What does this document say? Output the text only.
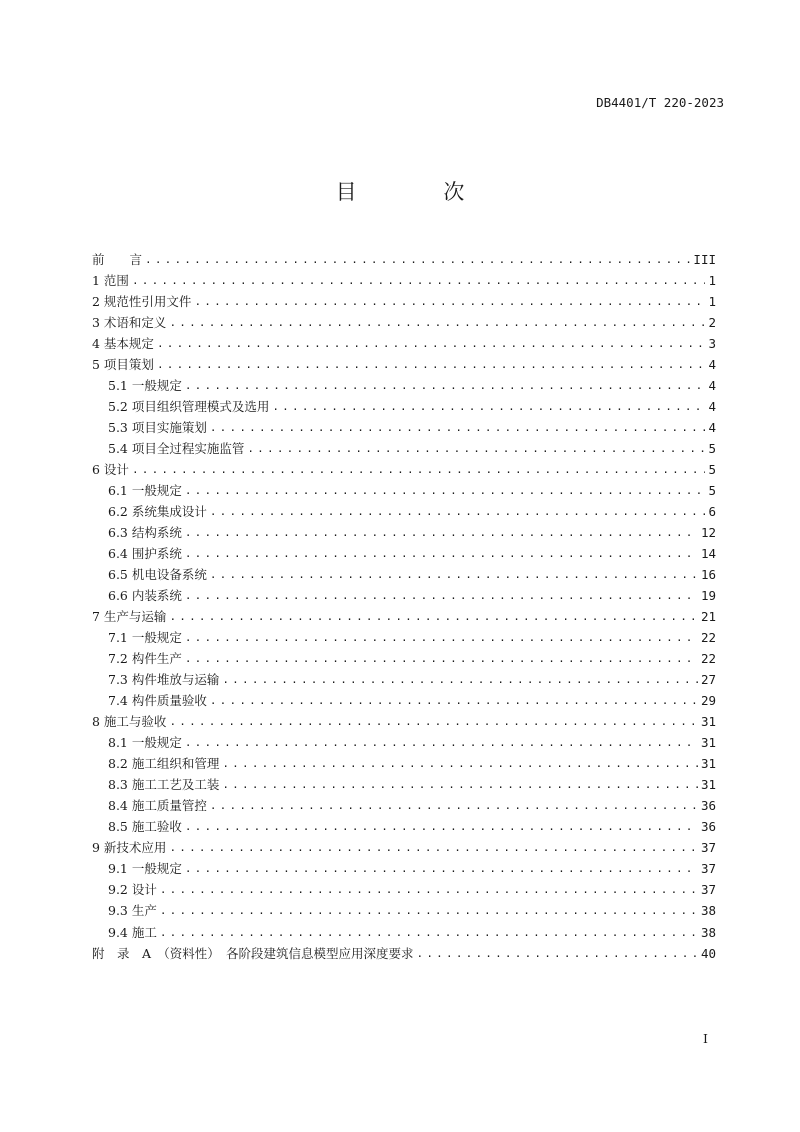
DB4401/T 220-2023
目 次
前　　言 .....	III
1 范围 .....	1
2 规范性引用文件 .....	1
3 术语和定义 .....	2
4 基本规定 .....	3
5 项目策划 .....	4
5.1 一般规定 .....	4
5.2 项目组织管理模式及选用 .....	4
5.3 项目实施策划 .....	4
5.4 项目全过程实施监管 .....	5
6 设计 .....	5
6.1 一般规定 .....	5
6.2 系统集成设计 .....	6
6.3 结构系统 .....	12
6.4 围护系统 .....	14
6.5 机电设备系统 .....	16
6.6 内装系统 .....	19
7 生产与运输 .....	21
7.1 一般规定 .....	22
7.2 构件生产 .....	22
7.3 构件堆放与运输 .....	27
7.4 构件质量验收 .....	29
8 施工与验收 .....	31
8.1 一般规定 .....	31
8.2 施工组织和管理 .....	31
8.3 施工工艺及工装 .....	31
8.4 施工质量管控 .....	36
8.5 施工验收 .....	36
9 新技术应用 .....	37
9.1 一般规定 .....	37
9.2 设计 .....	37
9.3 生产 .....	38
9.4 施工 .....	38
附　录　A　（资料性）　各阶段建筑信息模型应用深度要求 .....	40
I
